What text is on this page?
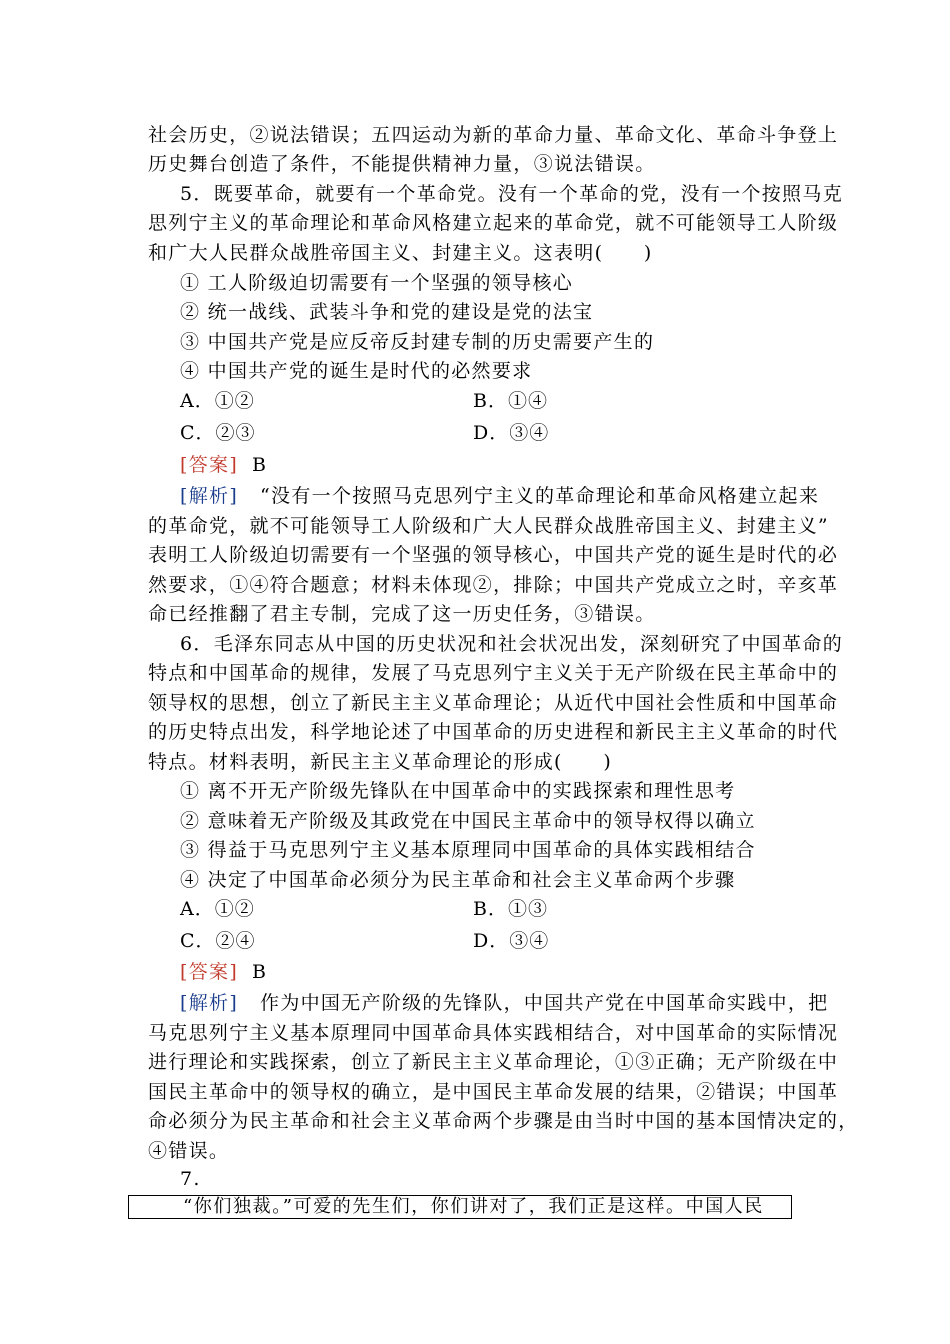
社会历史，②说法错误；五四运动为新的革命力量、革命文化、革命斗争登上
历史舞台创造了条件，不能提供精神力量，③说法错误。
5．既要革命，就要有一个革命党。没有一个革命的党，没有一个按照马克
思列宁主义的革命理论和革命风格建立起来的革命党，就不可能领导工人阶级
和广大人民群众战胜帝国主义、封建主义。这表明(　　)
① 工人阶级迫切需要有一个坚强的领导核心
② 统一战线、武装斗争和党的建设是党的法宝
③ 中国共产党是应反帝反封建专制的历史需要产生的
④ 中国共产党的诞生是时代的必然要求
A．①②	B．①④
C．②③	D．③④
[答案] B
[解析] “没有一个按照马克思列宁主义的革命理论和革命风格建立起来
的革命党，就不可能领导工人阶级和广大人民群众战胜帝国主义、封建主义”
表明工人阶级迫切需要有一个坚强的领导核心，中国共产党的诞生是时代的必
然要求，①④符合题意；材料未体现②，排除；中国共产党成立之时，辛亥革
命已经推翻了君主专制，完成了这一历史任务，③错误。
6．毛泽东同志从中国的历史状况和社会状况出发，深刻研究了中国革命的
特点和中国革命的规律，发展了马克思列宁主义关于无产阶级在民主革命中的
领导权的思想，创立了新民主主义革命理论；从近代中国社会性质和中国革命
的历史特点出发，科学地论述了中国革命的历史进程和新民主主义革命的时代
特点。材料表明，新民主主义革命理论的形成(　　)
① 离不开无产阶级先锋队在中国革命中的实践探索和理性思考
② 意味着无产阶级及其政党在中国民主革命中的领导权得以确立
③ 得益于马克思列宁主义基本原理同中国革命的具体实践相结合
④ 决定了中国革命必须分为民主革命和社会主义革命两个步骤
A．①②	B．①③
C．②④	D．③④
[答案] B
[解析] 作为中国无产阶级的先锋队，中国共产党在中国革命实践中，把
马克思列宁主义基本原理同中国革命具体实践相结合，对中国革命的实际情况
进行理论和实践探索，创立了新民主主义革命理论，①③正确；无产阶级在中
国民主革命中的领导权的确立，是中国民主革命发展的结果，②错误；中国革
命必须分为民主革命和社会主义革命两个步骤是由当时中国的基本国情决定的，
④错误。
7.
“你们独裁。”可爱的先生们，你们讲对了，我们正是这样。中国人民
